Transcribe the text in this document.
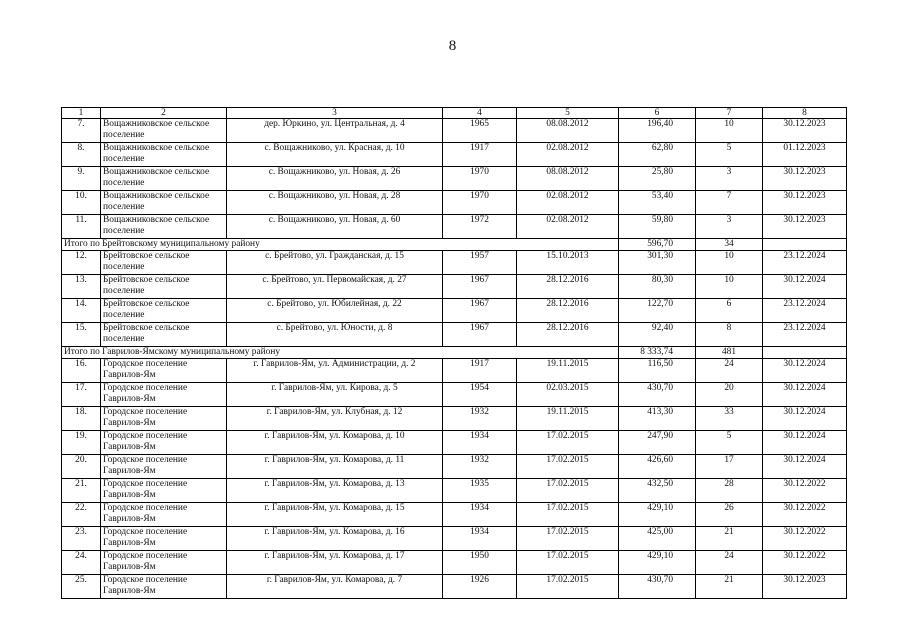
8
1	2	3	4	5	6	7	8
7.	Вощажниковское сельское поселение	дер. Юркино, ул. Центральная, д. 4	1965	08.08.2012	196,40	10	30.12.2023
8.	Вощажниковское сельское поселение	с. Вощажниково, ул. Красная, д. 10	1917	02.08.2012	62,80	5	01.12.2023
9.	Вощажниковское сельское поселение	с. Вощажниково, ул. Новая, д. 26	1970	08.08.2012	25,80	3	30.12.2023
10.	Вощажниковское сельское поселение	с. Вощажниково, ул. Новая, д. 28	1970	02.08.2012	53,40	7	30.12.2023
11.	Вощажниковское сельское поселение	с. Вощажниково, ул. Новая, д. 60	1972	02.08.2012	59,80	3	30.12.2023
Итого по Брейтовскому муниципальному району					596,70	34	
12.	Брейтовское сельское поселение	с. Брейтово, ул. Гражданская, д. 15	1957	15.10.2013	301,30	10	23.12.2024
13.	Брейтовское сельское поселение	с. Брейтово, ул. Первомайская, д. 27	1967	28.12.2016	80,30	10	30.12.2024
14.	Брейтовское сельское поселение	с. Брейтово, ул. Юбилейная, д. 22	1967	28.12.2016	122,70	6	23.12.2024
15.	Брейтовское сельское поселение	с. Брейтово, ул. Юности, д. 8	1967	28.12.2016	92,40	8	23.12.2024
Итого по Гаврилов-Ямскому муниципальному району					8 333,74	481	
16.	Городское поселение Гаврилов-Ям	г. Гаврилов-Ям, ул. Администрации, д. 2	1917	19.11.2015	116,50	24	30.12.2024
17.	Городское поселение Гаврилов-Ям	г. Гаврилов-Ям, ул. Кирова, д. 5	1954	02.03.2015	430,70	20	30.12.2024
18.	Городское поселение Гаврилов-Ям	г. Гаврилов-Ям, ул. Клубная, д. 12	1932	19.11.2015	413,30	33	30.12.2024
19.	Городское поселение Гаврилов-Ям	г. Гаврилов-Ям, ул. Комарова, д. 10	1934	17.02.2015	247,90	5	30.12.2024
20.	Городское поселение Гаврилов-Ям	г. Гаврилов-Ям, ул. Комарова, д. 11	1932	17.02.2015	426,60	17	30.12.2024
21.	Городское поселение Гаврилов-Ям	г. Гаврилов-Ям, ул. Комарова, д. 13	1935	17.02.2015	432,50	28	30.12.2022
22.	Городское поселение Гаврилов-Ям	г. Гаврилов-Ям, ул. Комарова, д. 15	1934	17.02.2015	429,10	26	30.12.2022
23.	Городское поселение Гаврилов-Ям	г. Гаврилов-Ям, ул. Комарова, д. 16	1934	17.02.2015	425,00	21	30.12.2022
24.	Городское поселение Гаврилов-Ям	г. Гаврилов-Ям, ул. Комарова, д. 17	1950	17.02.2015	429,10	24	30.12.2022
25.	Городское поселение Гаврилов-Ям	г. Гаврилов-Ям, ул. Комарова, д. 7	1926	17.02.2015	430,70	21	30.12.2023
